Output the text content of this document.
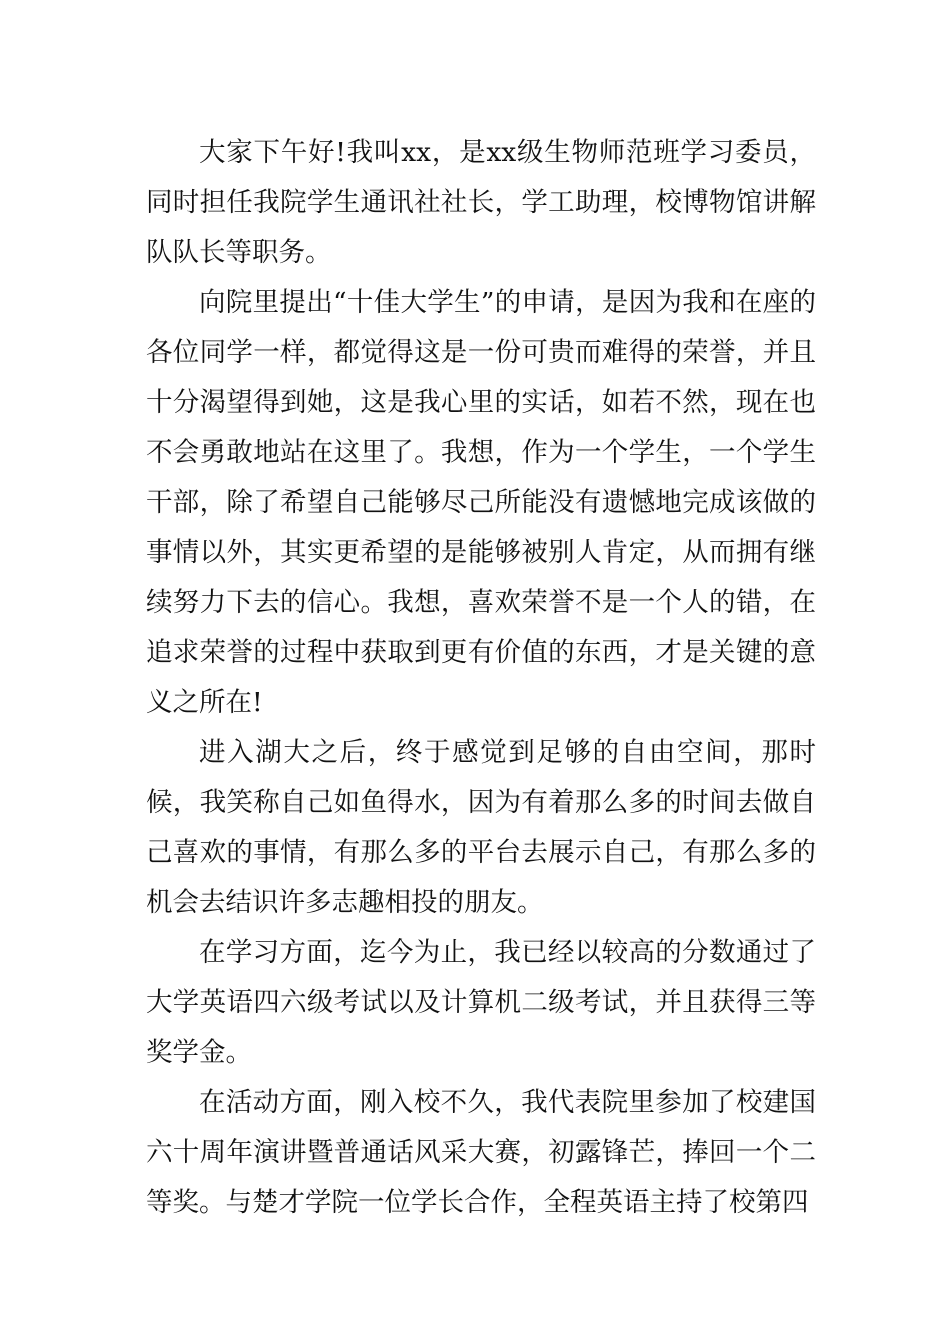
大家下午好!我叫xx，是xx级生物师范班学习委员，同时担任我院学生通讯社社长，学工助理，校博物馆讲解队队长等职务。

向院里提出“十佳大学生”的申请，是因为我和在座的各位同学一样，都觉得这是一份可贵而难得的荣誉，并且十分渴望得到她，这是我心里的实话，如若不然，现在也不会勇敢地站在这里了。我想，作为一个学生，一个学生干部，除了希望自己能够尽己所能没有遗憾地完成该做的事情以外，其实更希望的是能够被别人肯定，从而拥有继续努力下去的信心。我想，喜欢荣誉不是一个人的错，在追求荣誉的过程中获取到更有价值的东西，才是关键的意义之所在!

进入湖大之后，终于感觉到足够的自由空间，那时候，我笑称自己如鱼得水，因为有着那么多的时间去做自己喜欢的事情，有那么多的平台去展示自己，有那么多的机会去结识许多志趣相投的朋友。

在学习方面，迄今为止，我已经以较高的分数通过了大学英语四六级考试以及计算机二级考试，并且获得三等奖学金。

在活动方面，刚入校不久，我代表院里参加了校建国六十周年演讲暨普通话风采大赛，初露锋芒，捧回一个二等奖。与楚才学院一位学长合作，全程英语主持了校第四
